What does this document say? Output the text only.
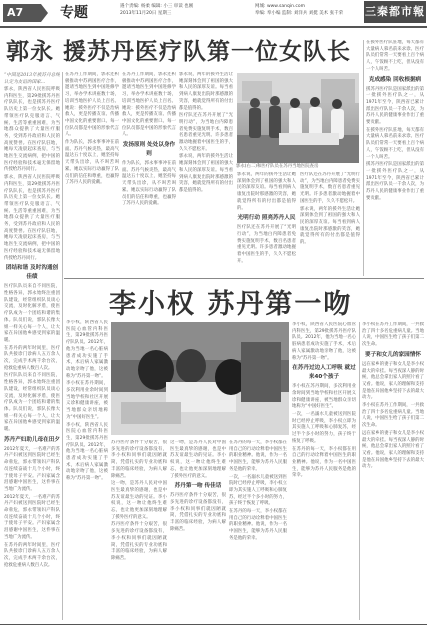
A7	专题	遇个责编: 杨柔 编辑: 小三 审读 也刚
2013年11月20日 星期三
网城: www.sanqin.com
奉编: 奉小编 监制: 刘洋兵 刘挺 美术 张千荣	三秦都市報
郭永 援苏丹医疗队第一位女队长

“中国是2013年被苏丹总统认定为友谊的国家...

郭永，陕西省人民医院呼吸内科医生，第29批援苏丹医疗队队长，也是援苏丹医疗队历史上第一位女队长。她带领医疗队克服语言、气候、生活等重重困难，为当地群众提供了大量医疗服务，受到苏丹政府和人民的高度赞誉。在医疗队驻地，她每天凌晨起床查房，与当地医生交流病例，把中国的医疗经验和技术毫无保留地传授给苏丹同行。

郭永，陕西省人民医院呼吸内科医生，第29批援苏丹医疗队队长，也是援苏丹医疗队历史上第一位女队长。她带领医疗队克服语言、气候、生活等重重困难，为当地群众提供了大量医疗服务，受到苏丹政府和人民的高度赞誉。在医疗队驻地，她每天凌晨起床查房，与当地医生交流病例，把中国的医疗经验和技术毫无保留地传授给苏丹同行。

团结和谐 及时沟通创佳绩

医疗队队员来自不同医院，性格各异，郭永始终注重团队建设，经常组织队员谈心交流，及时化解矛盾，使医疗队成为一个团结和谐的集体。队员们说，郭队长像大姐一样关心每一个人，让大家在异国他乡感受到家的温暖。

在苏丹的两年时间里，医疗队共接诊门诊病人五万余人次，完成手术两千余台次，抢救危重病人数百人次。

医疗队队员来自不同医院，性格各异，郭永始终注重团队建设，经常组织队员谈心交流，及时化解矛盾，使医疗队成为一个团结和谐的集体。队员们说，郭队长像大姐一样关心每一个人，让大家在异国他乡感受到家的温暖。

苏丹产妇助儿母在田夕

2012年夏天，一名难产的苏丹产妇被送到医院时已经生命垂危，郭永带领妇产科队员连续奋战十几个小时，终于使母子平安。产妇家属含泪感谢中国医生，这件事在当地广为流传。

2012年夏天，一名难产的苏丹产妇被送到医院时已经生命垂危，郭永带领妇产科队员连续奋战十几个小时，终于使母子平安。产妇家属含泪感谢中国医生，这件事在当地广为流传。

在苏丹的两年时间里，医疗队共接诊门诊病人五万余人次，完成手术两千余台次，抢救危重病人数百人次。

在苏丹工作期间，郭永还积极推动中苏两国医疗合作，邀请当地医生到中国进修学习，举办学术讲座数十场，培训当地医护人员上百名。她说：援外医疗不仅是治病救人，更是传播友谊、传播中国文化的重要窗口。每一位队员都是中国的形象代言人。

作为队长，郭永事事冲在前面。苏丹气候炎热，最高气温达五十度以上，她坚持每天带头出诊，从不叫苦叫累。她以实际行动赢得了队员们的信任和尊重，也赢得了苏丹人民的爱戴。

在苏丹工作期间，郭永还积极推动中苏两国医疗合作，邀请当地医生到中国进修学习，举办学术讲座数十场，培训当地医护人员上百名。她说：援外医疗不仅是治病救人，更是传播友谊、传播中国文化的重要窗口。每一位队员都是中国的形象代言人。

发扬原则 处处以身作则

作为队长，郭永事事冲在前面。苏丹气候炎热，最高气温达五十度以上，她坚持每天带头出诊，从不叫苦叫累。她以实际行动赢得了队员们的信任和尊重，也赢得了苏丹人民的爱戴。

郭永说，两年的援外生活让她深刻体会到了祖国的强大和人民的深厚友谊。每当看到病人康复出院时那感激的笑容，她就觉得所有的付出都是值得的。

医疗队还在苏丹开展了“光明行动”，为当地白内障患者免费实施复明手术，数百名患者重见光明。许多患者激动地握着中国医生的手，久久不愿松开。

郭永说，两年的援外生活让她深刻体会到了祖国的强大和人民的深厚友谊。每当看到病人康复出院时那感激的笑容，她就觉得所有的付出都是值得的。

郭永(右二)和医疗队员在苏丹当地医院查房

郭永说，两年的援外生活让她深刻体会到了祖国的强大和人民的深厚友谊。每当看到病人康复出院时那感激的笑容，她就觉得所有的付出都是值得的。

光明行动 照亮苏丹人民

医疗队还在苏丹开展了“光明行动”，为当地白内障患者免费实施复明手术，数百名患者重见光明。许多患者激动地握着中国医生的手，久久不愿松开。

医疗队还在苏丹开展了“光明行动”，为当地白内障患者免费实施复明手术，数百名患者重见光明。许多患者激动地握着中国医生的手，久久不愿松开。

郭永说，两年的援外生活让她深刻体会到了祖国的强大和人民的深厚友谊。每当看到病人康复出院时那感激的笑容，她就觉得所有的付出都是值得的。

在援外医疗队驻地，每天都有大量病人慕名前来求诊。医疗队员们常常一天要看上百个病人，午饭顾不上吃，但从没有一个人叫苦。

克成感染 回收根据病

援苏丹医疗队是国家派出的第一批援外医疗队之一，从1971年至今，陕西省已累计派出医疗队员一千余人次，为苏丹人民的健康事业作出了重要贡献。

在援外医疗队驻地，每天都有大量病人慕名前来求诊。医疗队员们常常一天要看上百个病人，午饭顾不上吃，但从没有一个人叫苦。

援苏丹医疗队是国家派出的第一批援外医疗队之一，从1971年至今，陕西省已累计派出医疗队员一千余人次，为苏丹人民的健康事业作出了重要贡献。

李小权 苏丹第一吻

李小权，陕西省人民医院心血管内科医生，第29批援苏丹医疗队队员。2012年，他为当地一名心脏病患者成功实施了手术，术后病人家属激动地亲吻了他，这被称为“苏丹第一吻”。

李小权在苏丹期间，多次利用业余时间到当地学校和社区开展义诊和健康讲座，被当地群众亲切地称为“中国好医生”。

李小权，陕西省人民医院心血管内科医生，第29批援苏丹医疗队队员。2012年，他为当地一名心脏病患者成功实施了手术，术后病人家属激动地亲吻了他，这被称为“苏丹第一吻”。

苏丹医疗条件十分艰苦，很多先进的诊疗设备都没有，李小权和同事们就因陋就简，凭借扎实的专业功底和丰富的临床经验，为病人解除痛苦。

这一吻，是苏丹人民对中国医生最真挚的感谢，也是中苏友谊最生动的见证。李小权说，这一吻让他终生难忘，也让他更加深刻地理解了援外医疗的意义。

苏丹医疗条件十分艰苦，很多先进的诊疗设备都没有，李小权和同事们就因陋就简，凭借扎实的专业功底和丰富的临床经验，为病人解除痛苦。

这一吻，是苏丹人民对中国医生最真挚的感谢，也是中苏友谊最生动的见证。李小权说，这一吻让他终生难忘，也让他更加深刻地理解了援外医疗的意义。

苏丹第一吻 传佳话

苏丹医疗条件十分艰苦，很多先进的诊疗设备都没有，李小权和同事们就因陋就简，凭借扎实的专业功底和丰富的临床经验，为病人解除痛苦。

在苏丹的每一天，李小权都在用自己的行动诠释着中国医生的职业精神。他说，作为一名中国医生，能够为苏丹人民服务是他的荣幸。

一次，一名溺水儿童被送到医院时已经停止呼吸，李小权立即为其实施人工呼吸和心肺复苏，经过半个多小时的努力，孩子终于恢复了呼吸。

在苏丹的每一天，李小权都在用自己的行动诠释着中国医生的职业精神。他说，作为一名中国医生，能够为苏丹人民服务是他的荣幸。

李小权，陕西省人民医院心血管内科医生，第29批援苏丹医疗队队员。2012年，他为当地一名心脏病患者成功实施了手术，术后病人家属激动地亲吻了他，这被称为“苏丹第一吻”。

在苏丹过边人工呼吸 就过来40个孩子

李小权在苏丹期间，多次利用业余时间到当地学校和社区开展义诊和健康讲座，被当地群众亲切地称为“中国好医生”。

一次，一名溺水儿童被送到医院时已经停止呼吸，李小权立即为其实施人工呼吸和心肺复苏，经过半个多小时的努力，孩子终于恢复了呼吸。

在苏丹的每一天，李小权都在用自己的行动诠释着中国医生的职业精神。他说，作为一名中国医生，能够为苏丹人民服务是他的荣幸。

李小权在苏丹工作期间，一共救治了四十多名危重病儿童。当地人说，中国医生给了孩子们第二次生命。

要子和女儿的家园情怀

远在家乡的妻子和女儿是李小权最大的牵挂。每当夜深人静的时候，他总会拿出家人的照片看了又看。他说，家人的理解和支持是他在异国他乡坚持下去的最大动力。

李小权在苏丹工作期间，一共救治了四十多名危重病儿童。当地人说，中国医生给了孩子们第二次生命。

远在家乡的妻子和女儿是李小权最大的牵挂。每当夜深人静的时候，他总会拿出家人的照片看了又看。他说，家人的理解和支持是他在异国他乡坚持下去的最大动力。
